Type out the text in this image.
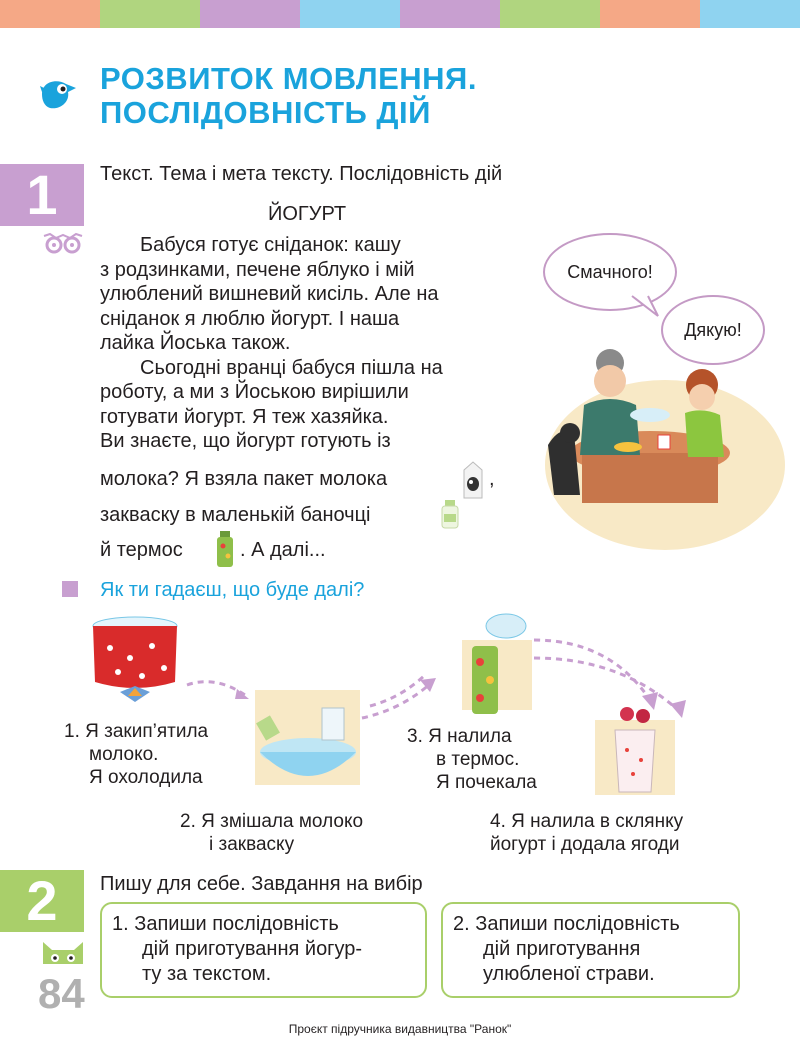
РОЗВИТОК МОВЛЕННЯ.
ПОСЛІДОВНІСТЬ ДІЙ
1	Текст. Тема і мета тексту. Послідовність дій
ЙОГУРТ

Бабуся готує сніданок: кашу

з родзинками, печене яблуко і мій

улюблений вишневий кисіль. Але на

сніданок я люблю йогурт. І наша

лайка Йоська також.

Сьогодні вранці бабуся пішла на

роботу, а ми з Йоською вирішили

готувати йогурт. Я теж хазяйка.

Ви знаєте, що йогурт готують із

молока? Я взяла пакет молока	,
закваску в маленькій баночці
й термос	. А далі...
Смачного!
Дякую!
Як ти гадаєш, що буде далі?
1. Я закип’ятила
молоко.
Я охолодила
2. Я змішала молоко
і закваску
3. Я налила
в термос.
Я почекала
4. Я налила в склянку
йогурт і додала ягоди
2
84
Пишу для себе. Завдання на вибір
1. Запиши послідовність
дій приготування йогур-
ту за текстом.
2. Запиши послідовність
дій приготування
улюбленої страви.
Проєкт підручника видавництва "Ранок"
